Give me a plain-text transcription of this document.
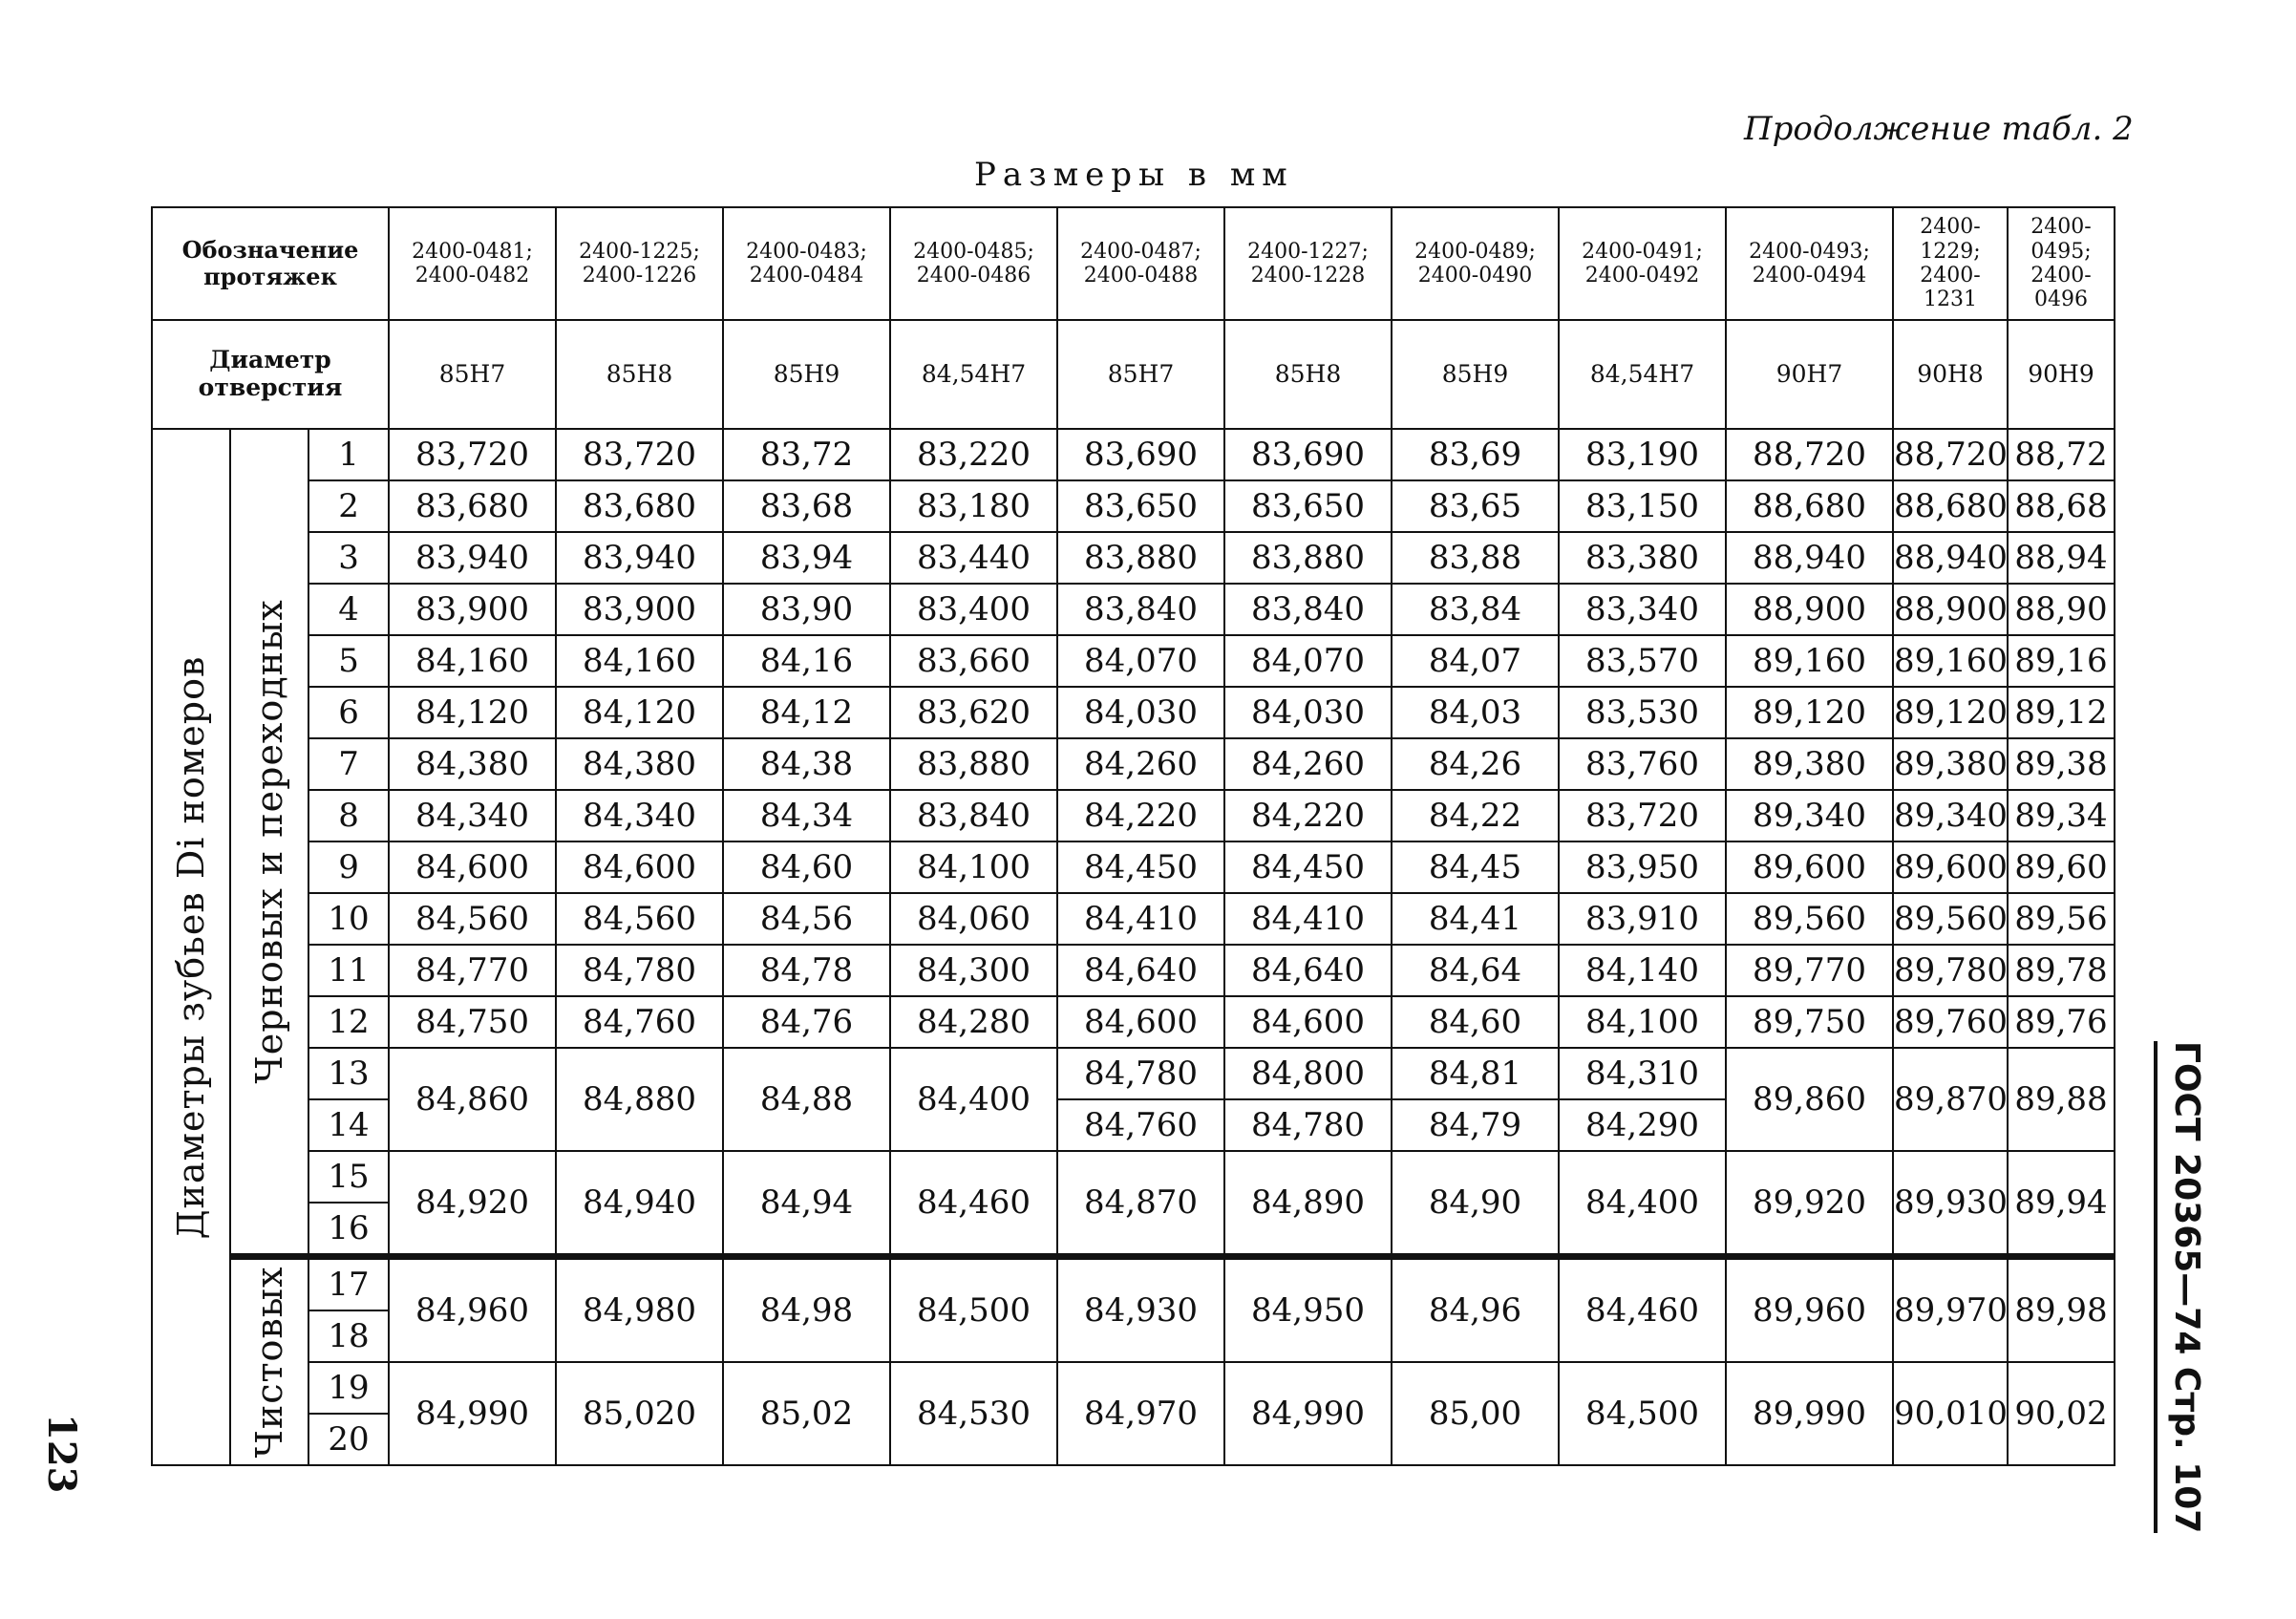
Продолжение табл. 2
Размеры в мм
Обозначение протяжек			2400-0481; 2400-0482	2400-1225; 2400-1226	2400-0483; 2400-0484	2400-0485; 2400-0486	2400-0487; 2400-0488	2400-1227; 2400-1228	2400-0489; 2400-0490	2400-0491; 2400-0492	2400-0493; 2400-0494	2400-1229; 2400-1231	2400-0495; 2400-0496
Диаметр отверстия			85H7	85H8	85H9	84,54H7	85H7	85H8	85H9	84,54H7	90H7	90H8	90H9

Диаметры зубьев Di номеров	Черновых и переходных	1	83,720	83,720	83,72	83,220	83,690	83,690	83,69	83,190	88,720	88,720	88,72
		2	83,680	83,680	83,68	83,180	83,650	83,650	83,65	83,150	88,680	88,680	88,68
		3	83,940	83,940	83,94	83,440	83,880	83,880	83,88	83,380	88,940	88,940	88,94
		4	83,900	83,900	83,90	83,400	83,840	83,840	83,84	83,340	88,900	88,900	88,90
		5	84,160	84,160	84,16	83,660	84,070	84,070	84,07	83,570	89,160	89,160	89,16
		6	84,120	84,120	84,12	83,620	84,030	84,030	84,03	83,530	89,120	89,120	89,12
		7	84,380	84,380	84,38	83,880	84,260	84,260	84,26	83,760	89,380	89,380	89,38
		8	84,340	84,340	84,34	83,840	84,220	84,220	84,22	83,720	89,340	89,340	89,34
		9	84,600	84,600	84,60	84,100	84,450	84,450	84,45	83,950	89,600	89,600	89,60
		10	84,560	84,560	84,56	84,060	84,410	84,410	84,41	83,910	89,560	89,560	89,56
		11	84,770	84,780	84,78	84,300	84,640	84,640	84,64	84,140	89,770	89,780	89,78
		12	84,750	84,760	84,76	84,280	84,600	84,600	84,60	84,100	89,750	89,760	89,76
		13	84,860	84,880	84,88	84,400	84,780	84,800	84,81	84,310	89,860	89,870	89,88
		14					84,760	84,780	84,79	84,290			
		15	84,920	84,940	84,94	84,460	84,870	84,890	84,90	84,400	89,920	89,930	89,94
		16											

	Чистовых	17	84,960	84,980	84,98	84,500	84,930	84,950	84,96	84,460	89,960	89,970	89,98
		18											
		19	84,990	85,020	85,02	84,530	84,970	84,990	85,00	84,500	89,990	90,010	90,02
		20											
123	ГОСТ 20365—74 Стр. 107
